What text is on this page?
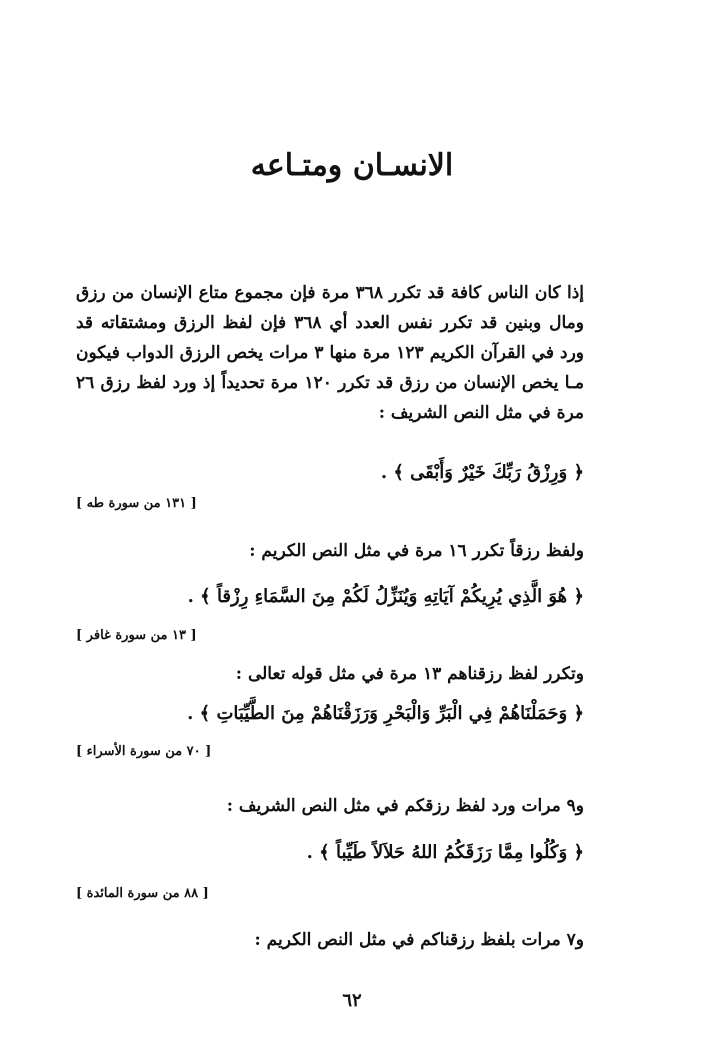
الانسـان ومتـاعه
إذا كان الناس كافة قد تكرر ٣٦٨ مرة فإن مجموع متاع الإنسان من رزق ومال وبنين قد تكرر نفس العدد أي ٣٦٨ فإن لفظ الرزق ومشتقاته قد ورد في القرآن الكريم ١٢٣ مرة منها ٣ مرات يخص الرزق الدواب فيكون مـا يخص الإنسان من رزق قد تكرر ١٢٠ مرة تحديداً إذ ورد لفظ رزق ٢٦ مرة في مثل النص الشريف :
﴿ وَرِزْقُ رَبِّكَ خَيْرٌ وَأَبْقَى ﴾ .
[ ١٣١ من سورة طه ]
ولفظ رزقاً تكرر ١٦ مرة في مثل النص الكريم :
﴿ هُوَ الَّذِي يُرِيكُمْ آيَاتِهِ وَيُنَزِّلُ لَكُمْ مِنَ السَّمَاءِ رِزْقاً ﴾ .
[ ١٣ من سورة غافر ]
وتكرر لفظ رزقناهم ١٣ مرة في مثل قوله تعالى :
﴿ وَحَمَلْنَاهُمْ فِي الْبَرِّ وَالْبَحْرِ وَرَزَقْنَاهُمْ مِنَ الطَّيِّبَاتِ ﴾ .
[ ٧٠ من سورة الأسراء ]
و٩ مرات ورد لفظ رزقكم في مثل النص الشريف :
﴿ وَكُلُوا مِمَّا رَزَقَكُمُ اللهُ حَلاَلاً طَيِّباً ﴾ .
[ ٨٨ من سورة المائدة ]
و٧ مرات بلفظ رزقناكم في مثل النص الكريم :
٦٢
